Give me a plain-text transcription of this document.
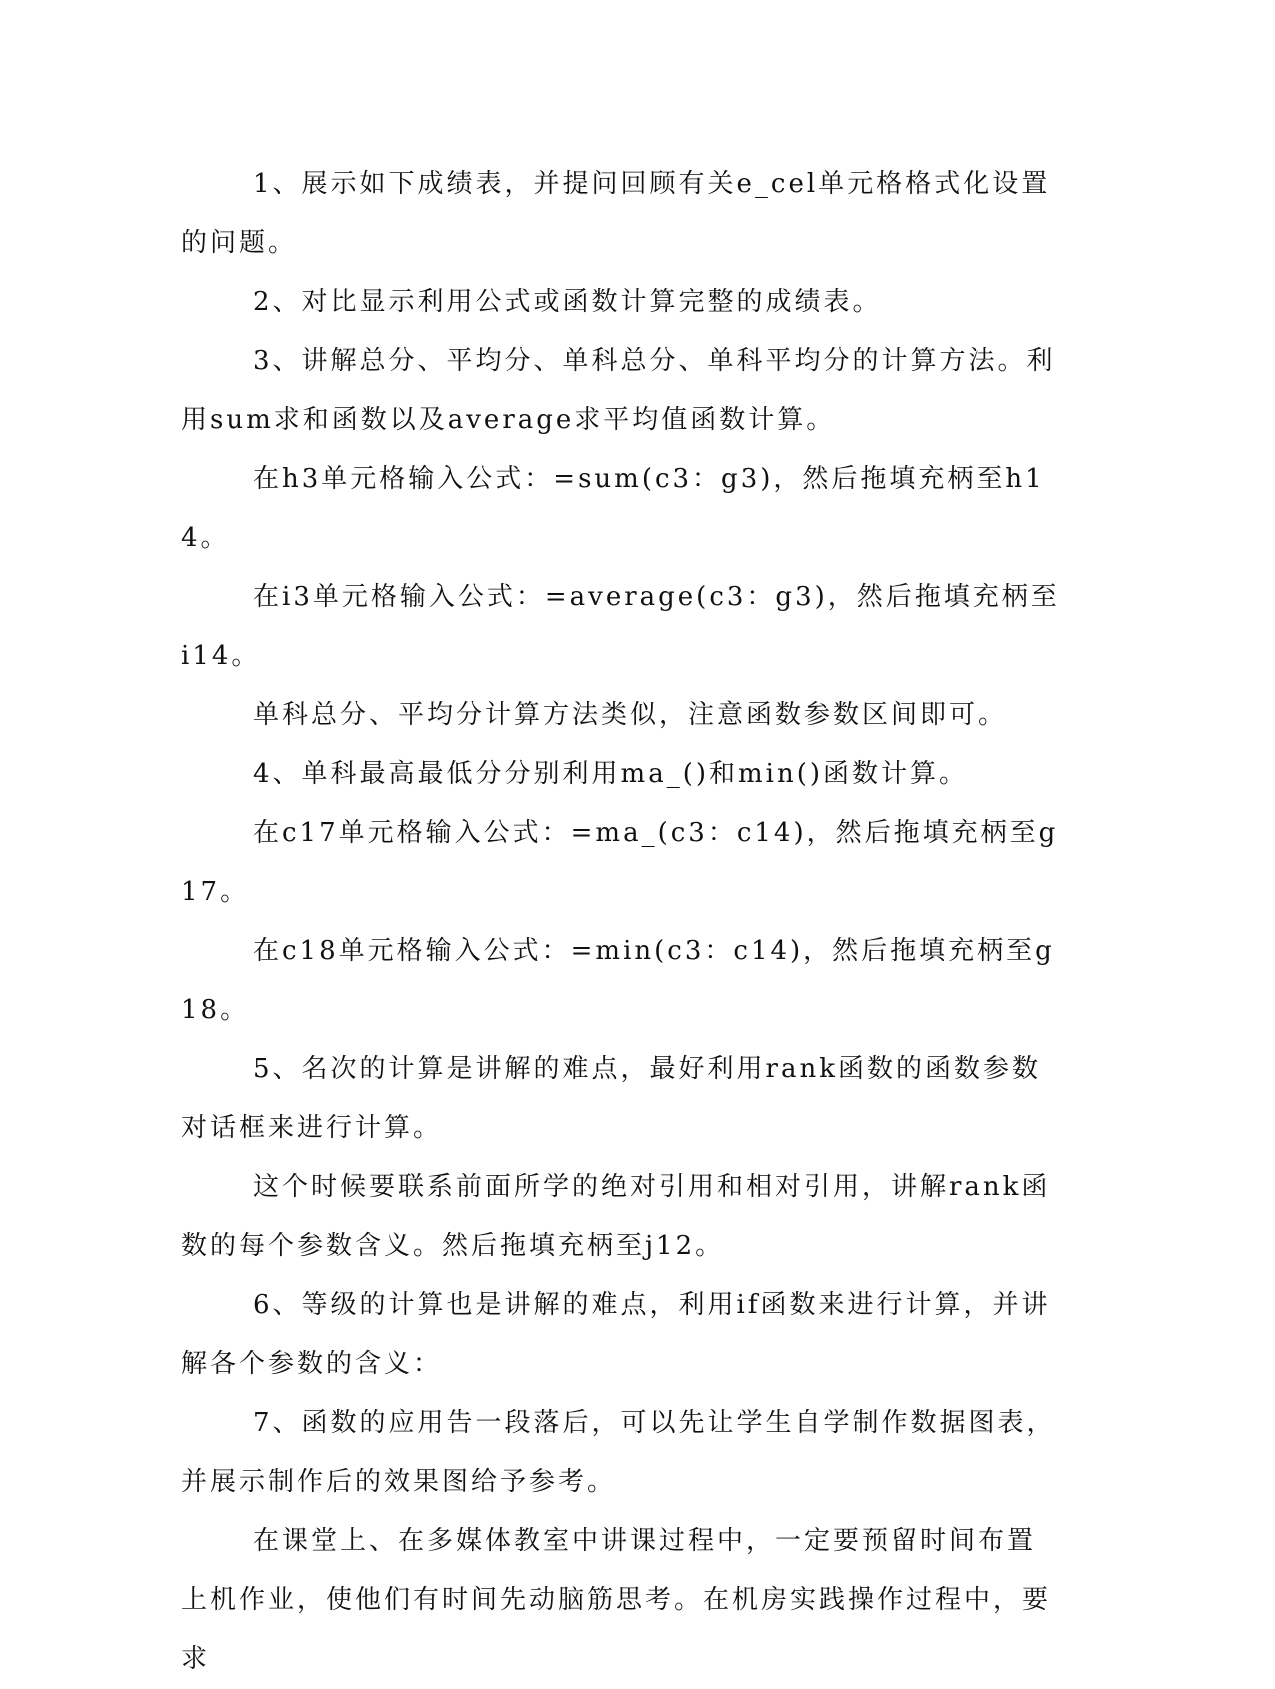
1、展示如下成绩表，并提问回顾有关e_cel单元格格式化设置的问题。

2、对比显示利用公式或函数计算完整的成绩表。

3、讲解总分、平均分、单科总分、单科平均分的计算方法。利用sum求和函数以及average求平均值函数计算。

在h3单元格输入公式：=sum(c3：g3)，然后拖填充柄至h14。

在i3单元格输入公式：=average(c3：g3)，然后拖填充柄至i14。

单科总分、平均分计算方法类似，注意函数参数区间即可。

4、单科最高最低分分别利用ma_()和min()函数计算。

在c17单元格输入公式：=ma_(c3：c14)，然后拖填充柄至g17。

在c18单元格输入公式：=min(c3：c14)，然后拖填充柄至g18。

5、名次的计算是讲解的难点，最好利用rank函数的函数参数对话框来进行计算。

这个时候要联系前面所学的绝对引用和相对引用，讲解rank函数的每个参数含义。然后拖填充柄至j12。

6、等级的计算也是讲解的难点，利用if函数来进行计算，并讲解各个参数的含义：

7、函数的应用告一段落后，可以先让学生自学制作数据图表，并展示制作后的效果图给予参考。

在课堂上、在多媒体教室中讲课过程中，一定要预留时间布置上机作业，使他们有时间先动脑筋思考。在机房实践操作过程中，要求
